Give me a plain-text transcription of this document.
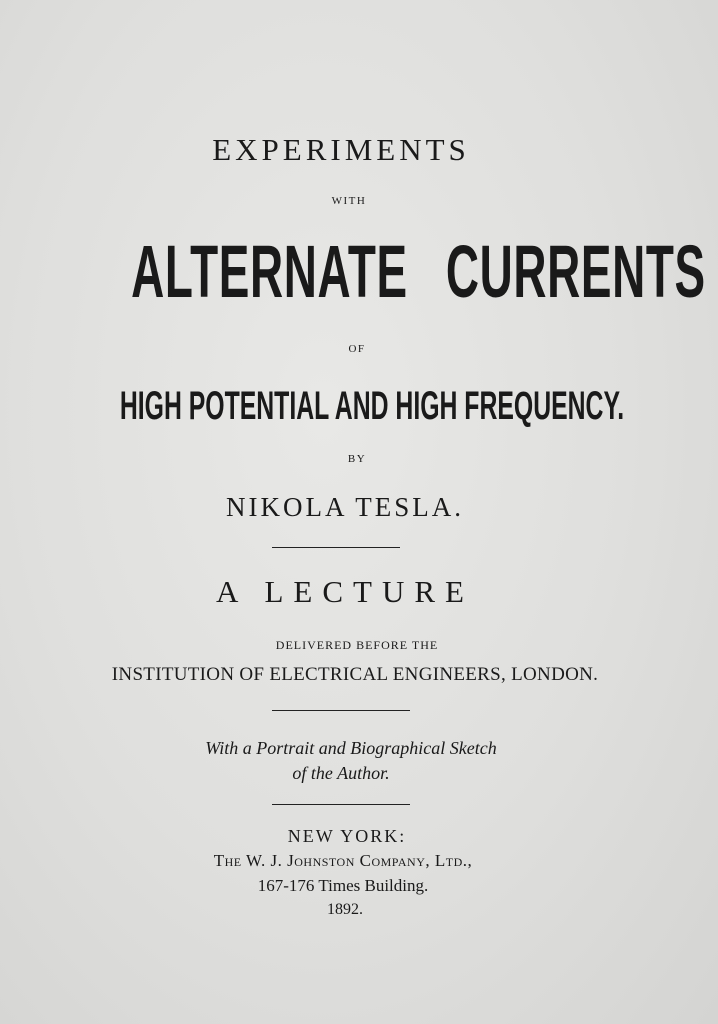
EXPERIMENTS
WITH
ALTERNATE CURRENTS
OF
HIGH POTENTIAL AND HIGH FREQUENCY.
BY
NIKOLA TESLA.
A LECTURE
DELIVERED BEFORE THE
INSTITUTION OF ELECTRICAL ENGINEERS, LONDON.
With a Portrait and Biographical Sketch
of the Author.
NEW YORK:
The W. J. Johnston Company, Ltd.,
167-176 Times Building.
1892.
